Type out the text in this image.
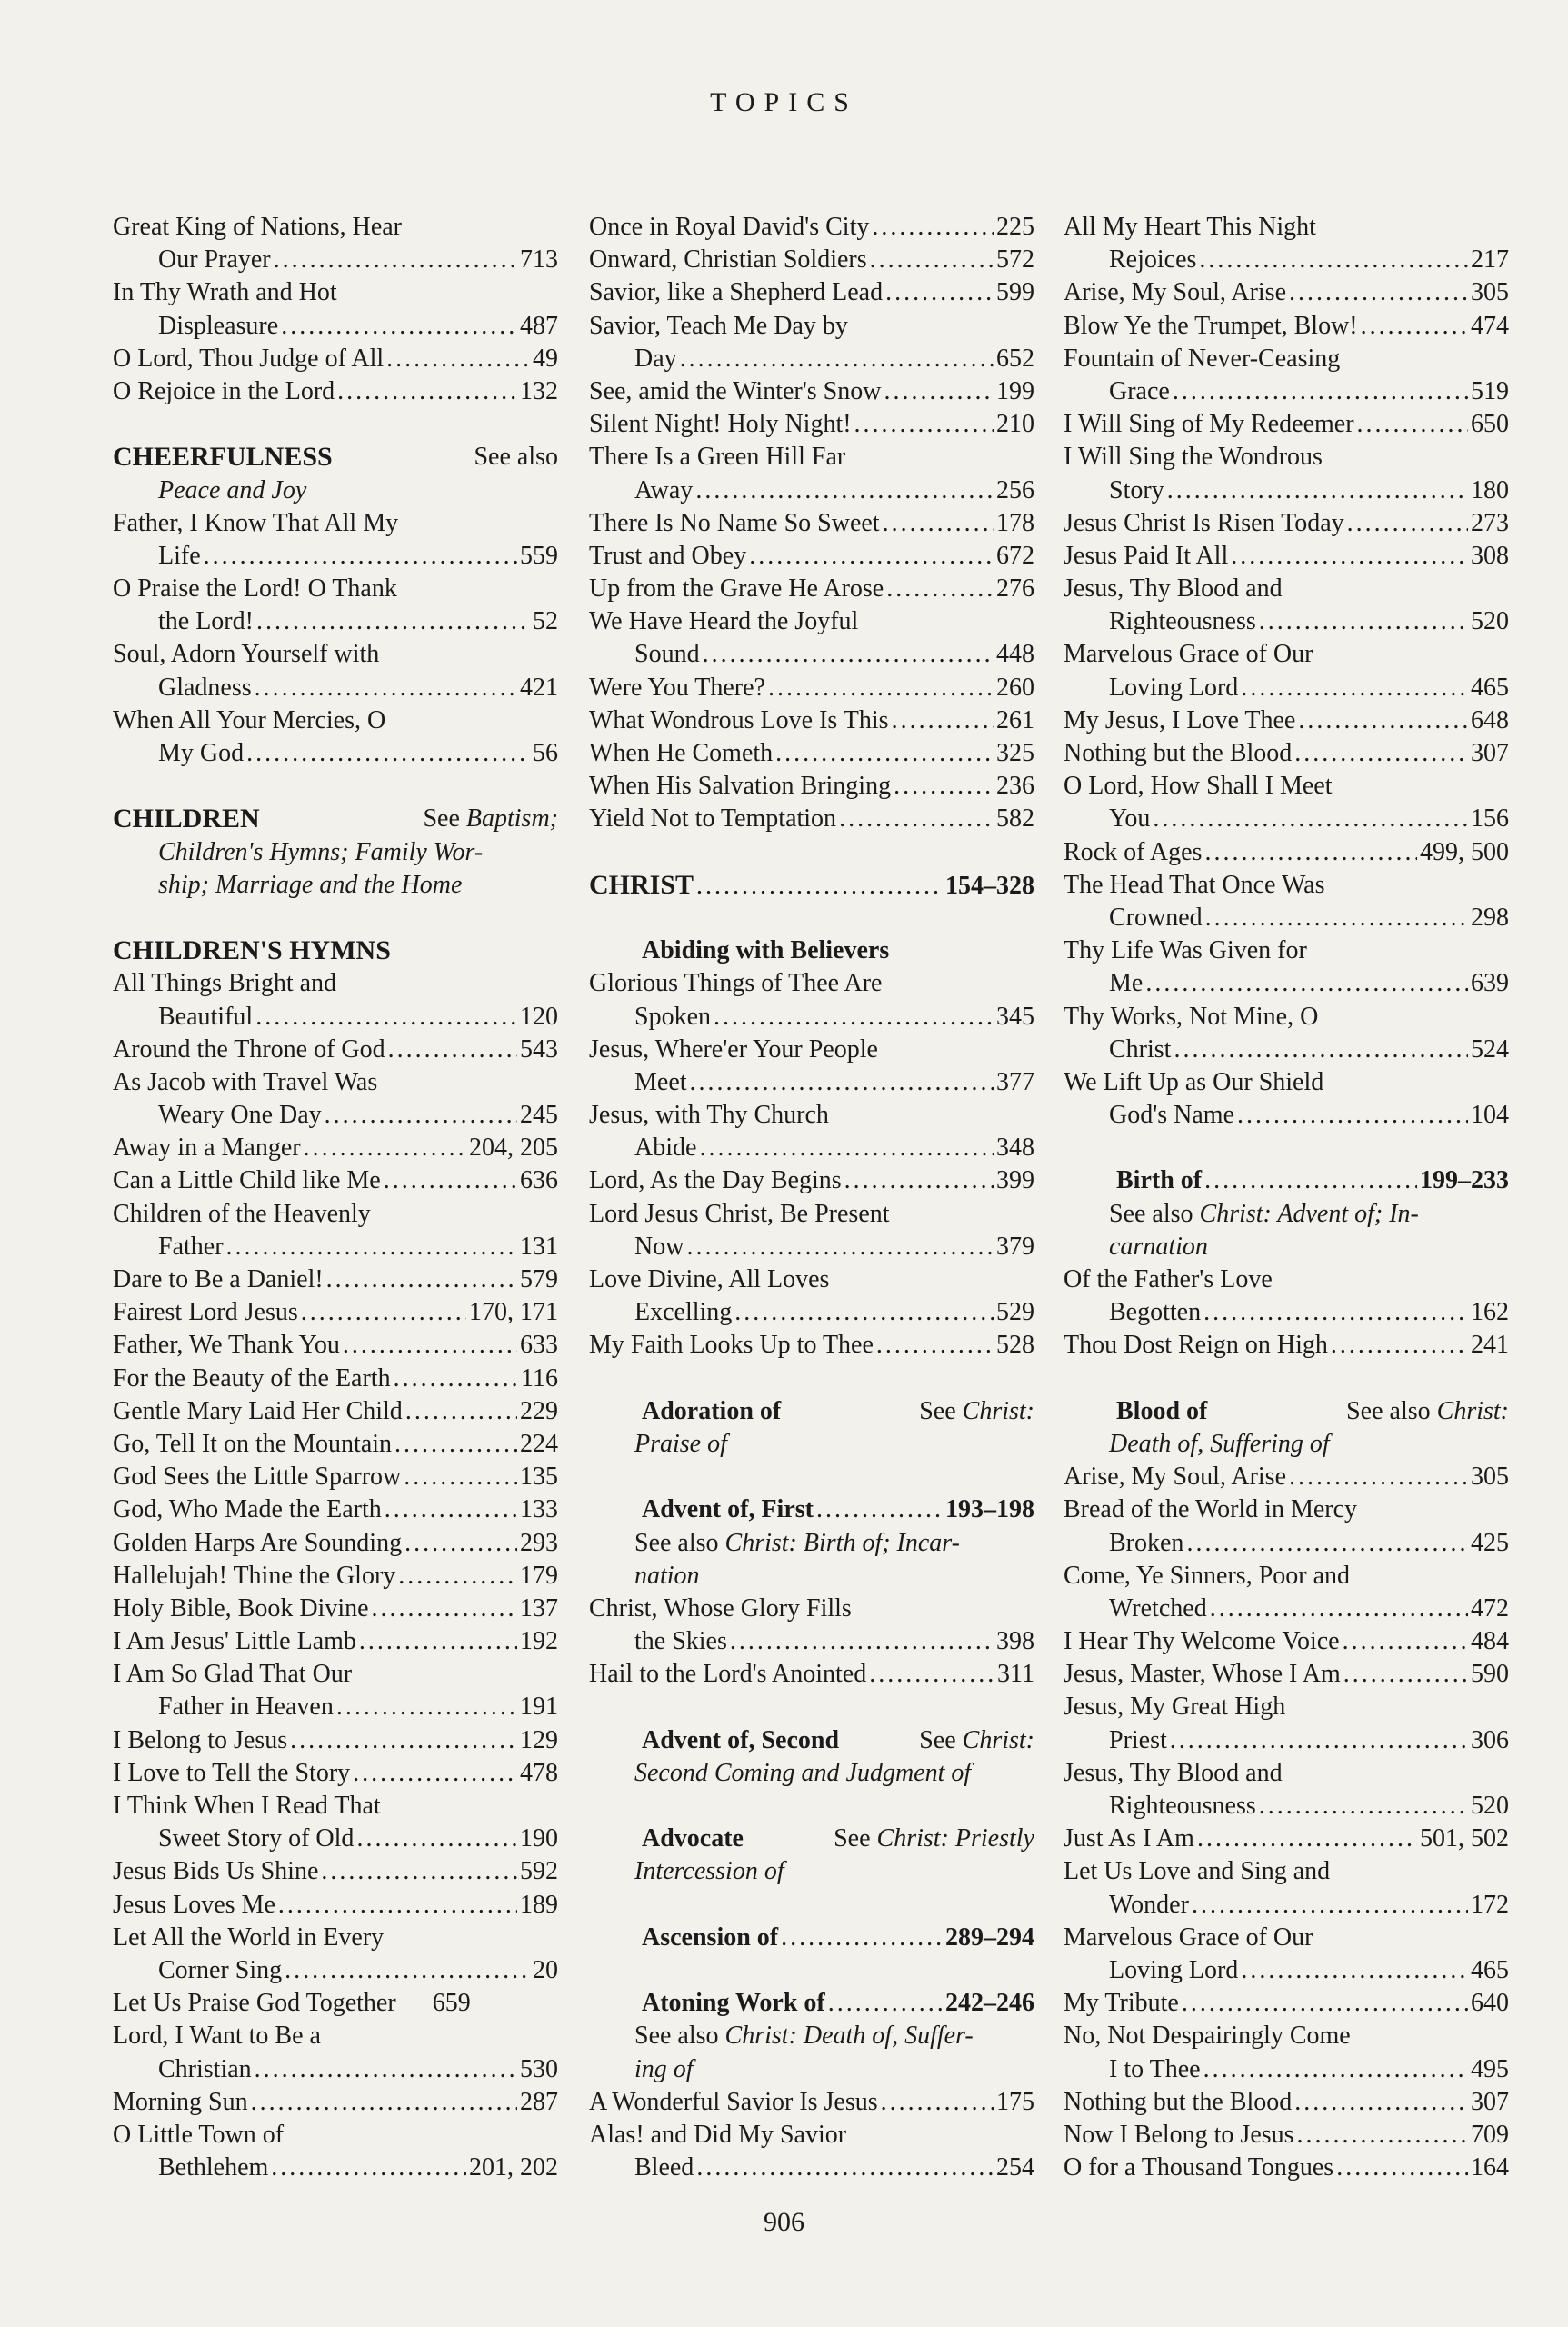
TOPICS
Great King of Nations, Hear
Our Prayer .....	713
In Thy Wrath and Hot
Displeasure .....	487
O Lord, Thou Judge of All .....	49
O Rejoice in the Lord .....	132
CHEERFULNESS	See also
Peace and Joy
Father, I Know That All My
Life .....	559
O Praise the Lord! O Thank
the Lord! .....	52
Soul, Adorn Yourself with
Gladness .....	421
When All Your Mercies, O
My God .....	56
CHILDREN	See Baptism;
Children's Hymns; Family Wor-
ship; Marriage and the Home
CHILDREN'S HYMNS
All Things Bright and
Beautiful .....	120
Around the Throne of God .....	543
As Jacob with Travel Was
Weary One Day .....	245
Away in a Manger .....	204, 205
Can a Little Child like Me .....	636
Children of the Heavenly
Father .....	131
Dare to Be a Daniel! .....	579
Fairest Lord Jesus .....	170, 171
Father, We Thank You .....	633
For the Beauty of the Earth .....	116
Gentle Mary Laid Her Child .....	229
Go, Tell It on the Mountain .....	224
God Sees the Little Sparrow .....	135
God, Who Made the Earth .....	133
Golden Harps Are Sounding .....	293
Hallelujah! Thine the Glory .....	179
Holy Bible, Book Divine .....	137
I Am Jesus' Little Lamb .....	192
I Am So Glad That Our
Father in Heaven .....	191
I Belong to Jesus .....	129
I Love to Tell the Story .....	478
I Think When I Read That
Sweet Story of Old .....	190
Jesus Bids Us Shine .....	592
Jesus Loves Me .....	189
Let All the World in Every
Corner Sing .....	20
Let Us Praise God Together	659
Lord, I Want to Be a
Christian .....	530
Morning Sun .....	287
O Little Town of
Bethlehem .....	201, 202
Once in Royal David's City .....	225
Onward, Christian Soldiers .....	572
Savior, like a Shepherd Lead .....	599
Savior, Teach Me Day by
Day .....	652
See, amid the Winter's Snow .....	199
Silent Night! Holy Night! .....	210
There Is a Green Hill Far
Away .....	256
There Is No Name So Sweet .....	178
Trust and Obey .....	672
Up from the Grave He Arose .....	276
We Have Heard the Joyful
Sound .....	448
Were You There? .....	260
What Wondrous Love Is This .....	261
When He Cometh .....	325
When His Salvation Bringing .....	236
Yield Not to Temptation .....	582
CHRIST .....	154–328
Abiding with Believers
Glorious Things of Thee Are
Spoken .....	345
Jesus, Where'er Your People
Meet .....	377
Jesus, with Thy Church
Abide .....	348
Lord, As the Day Begins .....	399
Lord Jesus Christ, Be Present
Now .....	379
Love Divine, All Loves
Excelling .....	529
My Faith Looks Up to Thee .....	528
Adoration of	See Christ:
Praise of
Advent of, First .....	193–198
See also Christ: Birth of; Incar-
nation
Christ, Whose Glory Fills
the Skies .....	398
Hail to the Lord's Anointed .....	311
Advent of, Second	See Christ:
Second Coming and Judgment of
Advocate	See Christ: Priestly
Intercession of
Ascension of .....	289–294
Atoning Work of .....	242–246
See also Christ: Death of, Suffer-
ing of
A Wonderful Savior Is Jesus .....	175
Alas! and Did My Savior
Bleed .....	254
All My Heart This Night
Rejoices .....	217
Arise, My Soul, Arise .....	305
Blow Ye the Trumpet, Blow! .....	474
Fountain of Never-Ceasing
Grace .....	519
I Will Sing of My Redeemer .....	650
I Will Sing the Wondrous
Story .....	180
Jesus Christ Is Risen Today .....	273
Jesus Paid It All .....	308
Jesus, Thy Blood and
Righteousness .....	520
Marvelous Grace of Our
Loving Lord .....	465
My Jesus, I Love Thee .....	648
Nothing but the Blood .....	307
O Lord, How Shall I Meet
You .....	156
Rock of Ages .....	499, 500
The Head That Once Was
Crowned .....	298
Thy Life Was Given for
Me .....	639
Thy Works, Not Mine, O
Christ .....	524
We Lift Up as Our Shield
God's Name .....	104
Birth of .....	199–233
See also Christ: Advent of; In-
carnation
Of the Father's Love
Begotten .....	162
Thou Dost Reign on High .....	241
Blood of	See also Christ:
Death of, Suffering of
Arise, My Soul, Arise .....	305
Bread of the World in Mercy
Broken .....	425
Come, Ye Sinners, Poor and
Wretched .....	472
I Hear Thy Welcome Voice .....	484
Jesus, Master, Whose I Am .....	590
Jesus, My Great High
Priest .....	306
Jesus, Thy Blood and
Righteousness .....	520
Just As I Am .....	501, 502
Let Us Love and Sing and
Wonder .....	172
Marvelous Grace of Our
Loving Lord .....	465
My Tribute .....	640
No, Not Despairingly Come
I to Thee .....	495
Nothing but the Blood .....	307
Now I Belong to Jesus .....	709
O for a Thousand Tongues .....	164
906
